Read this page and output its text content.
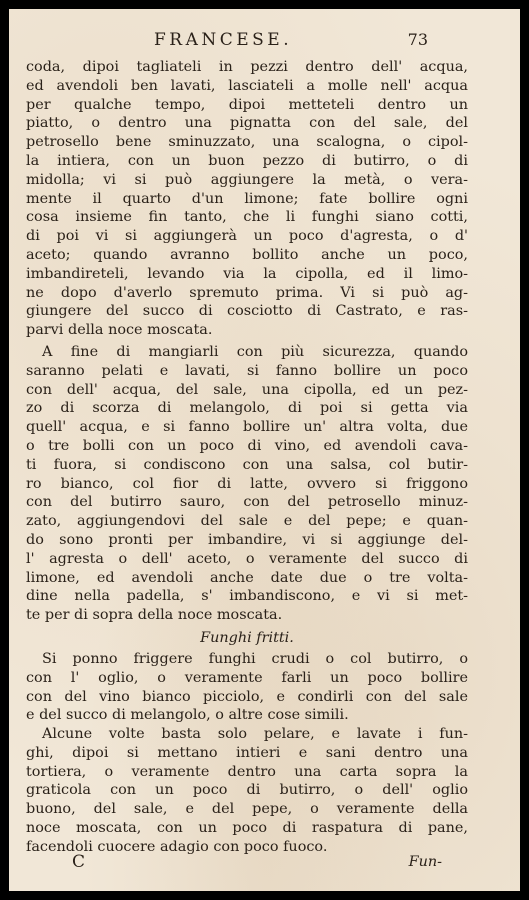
FRANCESE.	73
coda, dipoi tagliateli in pezzi dentro dell' acqua,
ed avendoli ben lavati, lasciateli a molle nell' acqua
per qualche tempo, dipoi metteteli dentro un
piatto, o dentro una pignatta con del sale, del
petrosello bene sminuzzato, una scalogna, o cipol-
la intiera, con un buon pezzo di butirro, o di
midolla; vi si può aggiungere la metà, o vera-
mente il quarto d'un limone; fate bollire ogni
cosa insieme fin tanto, che li funghi siano cotti,
di poi vi si aggiungerà un poco d'agresta, o d'
aceto; quando avranno bollito anche un poco,
imbandireteli, levando via la cipolla, ed il limo-
ne dopo d'averlo spremuto prima. Vi si può ag-
giungere del succo di cosciotto di Castrato, e ras-
parvi della noce moscata.
A fine di mangiarli con più sicurezza, quando
saranno pelati e lavati, si fanno bollire un poco
con dell' acqua, del sale, una cipolla, ed un pez-
zo di scorza di melangolo, di poi si getta via
quell' acqua, e si fanno bollire un' altra volta, due
o tre bolli con un poco di vino, ed avendoli cava-
ti fuora, si condiscono con una salsa, col butir-
ro bianco, col fior di latte, ovvero si friggono
con del butirro sauro, con del petrosello minuz-
zato, aggiungendovi del sale e del pepe; e quan-
do sono pronti per imbandire, vi si aggiunge del-
l' agresta o dell' aceto, o veramente del succo di
limone, ed avendoli anche date due o tre volta-
dine nella padella, s' imbandiscono, e vi si met-
te per di sopra della noce moscata.
Funghi fritti.
Si ponno friggere funghi crudi o col butirro, o
con l' oglio, o veramente farli un poco bollire
con del vino bianco picciolo, e condirli con del sale
e del succo di melangolo, o altre cose simili.
Alcune volte basta solo pelare, e lavate i fun-
ghi, dipoi si mettano intieri e sani dentro una
tortiera, o veramente dentro una carta sopra la
graticola con un poco di butirro, o dell' oglio
buono, del sale, e del pepe, o veramente della
noce moscata, con un poco di raspatura di pane,
facendoli cuocere adagio con poco fuoco.
C	Fun-
